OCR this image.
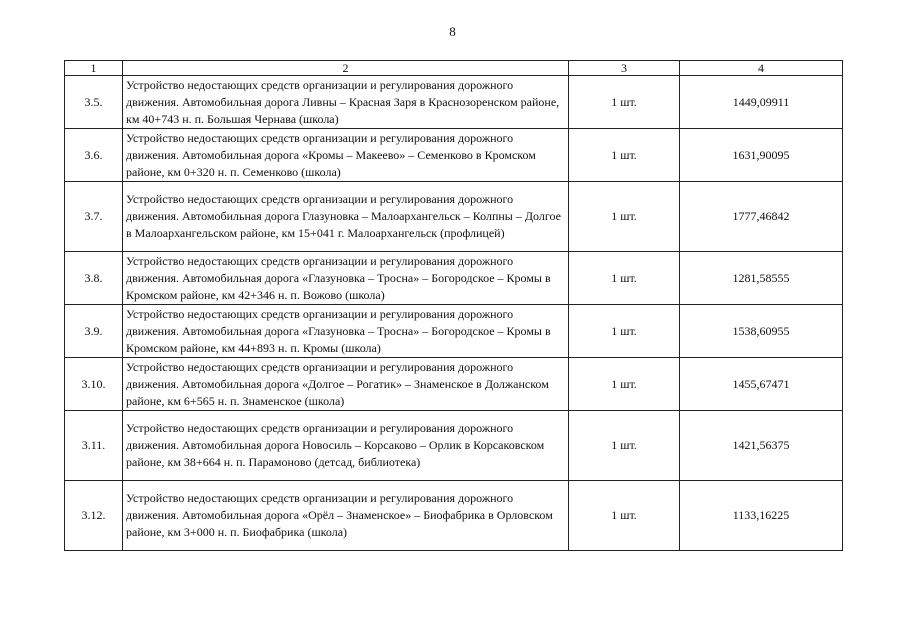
8
1	2	3	4
3.5.	Устройство недостающих средств организации и регулирования дорожного движения. Автомобильная дорога Ливны – Красная Заря в Краснозоренском районе, км 40+743 н. п. Большая Чернава (школа)	1 шт.	1449,09911
3.6.	Устройство недостающих средств организации и регулирования дорожного движения. Автомобильная дорога «Кромы – Макеево» – Семенково в Кромском районе, км 0+320 н. п. Семенково (школа)	1 шт.	1631,90095
3.7.	Устройство недостающих средств организации и регулирования дорожного движения. Автомобильная дорога Глазуновка – Малоархангельск – Колпны – Долгое в Малоархангельском районе, км 15+041 г. Малоархангельск (профлицей)	1 шт.	1777,46842
3.8.	Устройство недостающих средств организации и регулирования дорожного движения. Автомобильная дорога «Глазуновка – Тросна» – Богородское – Кромы в Кромском районе, км 42+346 н. п. Вожово (школа)	1 шт.	1281,58555
3.9.	Устройство недостающих средств организации и регулирования дорожного движения. Автомобильная дорога «Глазуновка – Тросна» – Богородское – Кромы в Кромском районе, км 44+893 н. п. Кромы (школа)	1 шт.	1538,60955
3.10.	Устройство недостающих средств организации и регулирования дорожного движения. Автомобильная дорога «Долгое – Рогатик» – Знаменское в Должанском районе, км 6+565 н. п. Знаменское (школа)	1 шт.	1455,67471
3.11.	Устройство недостающих средств организации и регулирования дорожного движения. Автомобильная дорога Новосиль – Корсаково – Орлик в Корсаковском районе, км 38+664 н. п. Парамоново (детсад, библиотека)	1 шт.	1421,56375
3.12.	Устройство недостающих средств организации и регулирования дорожного движения. Автомобильная дорога «Орёл – Знаменское» – Биофабрика в Орловском районе, км 3+000 н. п. Биофабрика (школа)	1 шт.	1133,16225
